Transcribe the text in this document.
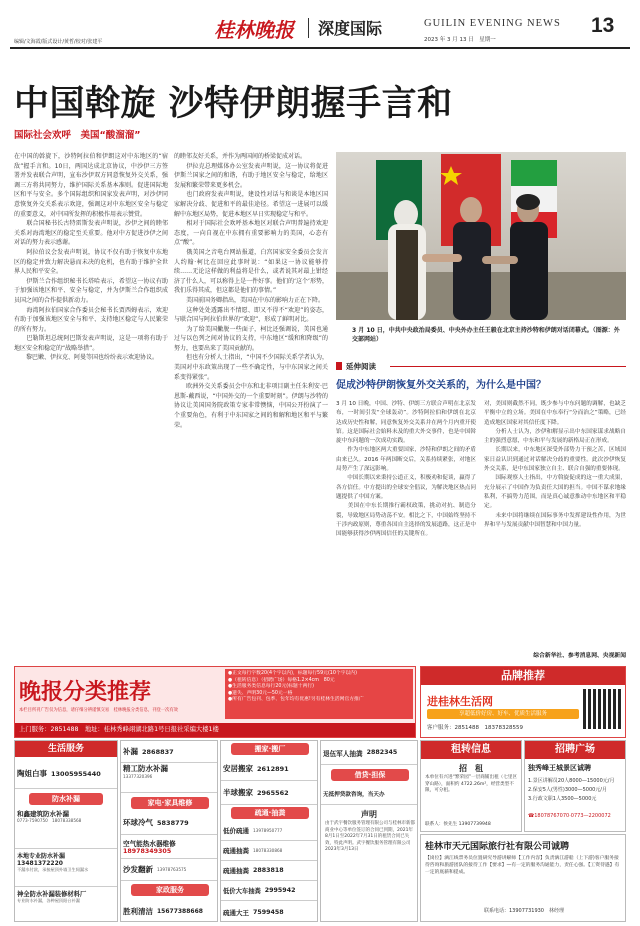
编辑/文海霞/版式设计/黄哲/校对/张建平	桂林晚报	深度国际	GUILIN EVENING NEWS
2023 年 3 月 13 日　星期一
13
中国斡旋 沙特伊朗握手言和
国际社会欢呼　美国“酸溜溜”
在中国的斡旋下，沙特阿拉伯和伊朗这对中东地区的“宿敌”握手言和。10日，两国达成北京协议，中沙伊三方签署并发表联合声明，宣布沙伊双方同意恢复外交关系，强调三方将共同努力，维护国际关系基本准则。促进国际地区和平与安全。多个国际组织和国家发表声明，对沙伊同意恢复外交关系表示欢迎，强调这对中东地区安全与稳定的重要意义，对中国所发挥的积极作用表示赞赏。
　　联合国秘书长古特雷斯发表声明说，沙伊之间的睦邻关系对海湾地区的稳定至关重要。他对中方促进沙伊之间对话的努力表示感谢。
　　阿拉伯议会发表声明说，协议不仅有助于恢复中东地区的稳定并致力解决悬而未决的危机，也有助于维护全世界人民和平安全。
　　伊斯兰合作组织秘书长塔哈表示，希望这一协议有助于加强该地区和平、安全与稳定，并为伊斯兰合作组织成员国之间的合作提供新动力。
　　海湾阿拉伯国家合作委员会秘书长贾西姆表示，欢迎有助于加强该地区安全与和平、支持地区稳定与人民繁荣的所有努力。
　　巴勒斯坦总统阿巴斯发表声明说，这是一项将有助于地区安全和稳定的“战略举措”。
　　黎巴嫩、伊拉克、阿曼等国也纷纷表示欢迎协议。
的睦邻友好关系，并作为两国间的桥梁促成对话。
　　伊拉克总理媒体办公室发表声明说，这一协议将促进伊斯兰国家之间的和谐，有助于地区安全与稳定，给地区发展和繁荣带来更多机会。
　　也门政府发表声明说，建设性对话与和谈是本地区国家解决分歧、促进和平的最佳途径。希望这一进展可以缓解中东地区局势，促进本地区早日实现稳定与和平。
　　相对于国际社会欢呼基本地区对联合声明普遍持欢迎态度，一向自视在中东拥有重要影响力的美国，心态有点“酸”。
　　俄美国之音电台网站报道，白宫国家安全委员会发言人约翰·柯比在回应此事时说：“如果这一协议能够持续……无论这样做的利益将是什么，或者说其对最上钳经济了什么人，可以称得上是一件好事。他们的‘这个’形势，我们乐得其成，但这都是他们的事情。”
　　美国前国务卿指出，美国在中东的影响力正在下降。
　　这种处处透露出不情愿、即又不得不“欢迎”的姿态，与联合国与阿拉伯世界的“欢迎”，形成了鲜明对比。
　　为了给美国撇脱一些面子，柯比还强调说，美国也通过与以色列之间对协议的支持，中东地区“缓和和降级”的努力，也要出来了美国贡献的。
　　但也有分析人士指出，“中国不少国际关系学者认为，美国对中东政策出现了一些不确定性，与中东国家之间关系变得紧张”。
　　欧洲外交关系委员会中东和北非项目副主任朱利安·巴恩斯-戴西说，“中国外交的一个重要时刻”。伊朗与沙特的协议让美国国务院政策专家非常懊恼，中国公开扮演了一个重要角色，有利于中东国家之间的和解和地区和平与繁荣。
3 月 10 日，中共中央政治局委员、中央外办主任王毅在北京主持沙特和伊朗对话闭幕式。（图源：外交部网站）
延伸阅读
促成沙特伊朗恢复外交关系的，为什么是中国？
3 月 10 日晚，中国、沙特、伊朗三方联合声明在北京发布，一时间引发“全球轰动”。沙特阿拉伯和伊朗在北京达成历史性和解，同意恢复外交关系并在两个月内重开使馆。这是国际社会始料未及的重大外交事件，也是中国斡旋中东问题的一次成功实践。
　　作为中东地区两大重要国家，沙特和伊朗之间的矛盾由来已久。2016 年两国断交后，关系持续紧张，对地区局势产生了深远影响。
　　中国长期以来秉持公道正义，积极劝和促谈，赢得了各方信任。中方提出的全球安全倡议，为解决地区热点问题提供了中国方案。
　　美国在中东长期推行霸权政策，挑动对抗、制造分裂，导致地区局势动荡不安。相比之下，中国始终坚持不干涉内政原则，尊重各国自主选择的发展道路，这正是中国能够获得沙伊两国信任的关键所在。
对，美国则截然不同，既少参与中东问题的调解，也缺乏平衡中立的立场。美国在中东奉行“分而治之”策略，已经造成地区国家对其信任度下降。
　　分析人士认为，沙伊和解显示出中东国家谋求战略自主的强烈意愿，中东和平与发展的新格局正在形成。
　　长期以来，中东地区深受外部势力干预之苦，区域国家日益认识到通过对话解决分歧的重要性。此次沙伊恢复外交关系，是中东国家独立自主、联合自强的重要体现。
　　国际观察人士指出，中方斡旋促成的这一重大成果，充分展示了中国作为负责任大国的担当。中国不谋求地缘私利，不搞势力范围，而是真心诚意推动中东地区和平稳定。
　　未来中国将继续在国际事务中发挥建设性作用，为世界和平与发展贡献中国智慧和中国力量。
综合新华社、参考消息网、央视新闻
晚报分类推荐
●正文每行字数20(4个字以内)，标题每行59元(10个字以内)
●（租转信息）（招聘广场）每格1.2×4cm　80元
●生活服务类信息每行20元(标题十两行)
●遗失、声明30元—50元一格
●所有广告包刊、包季、包年均有优惠!另有桂林生活网官方推广
本栏目所刊广告仅为信息，请仔细分辨谨慎交易　桂林晚报分类信息，刊登一次有效
上门服务：2851488　地址：桂林秀峰翊湖北路1号日报社采编大楼1楼
品牌推荐
进桂林生活网
享超低价好房、好车、优质生活服务
客户服务：2851488　18378328559
生活服务
陶姐白事 13005955440
防水补漏
和鑫建筑防水补漏
0773-7590750　18078338568
本地专业防水补漏
13481372220
不漏水付款，承接屋顶外墙卫生间漏水
神全防水补漏装修材料厂
专业防水补漏，各种屋顶阳台补漏
补漏 2868837
精工防水补漏
13377320396
家电·家具维修
环球冷气 5838779
空气能热水器维修
18978349305
沙发翻新 13978763575
家政服务
胜利清洁 15677388668
搬家·搬厂
安居搬家 2612891
半球搬家 2965562
疏通·抽粪
低价疏通 13978950777
疏通抽粪 18078330868
疏通抽粪 2883818
低价大车抽粪 2995942
疏通大王 7599458
退伍军人抽粪 2882345
借贷·担保
无抵押贷款咨询，当天办
声明
由于武宇餐饮服务管理有限公司与桂林市新都商业中心等单位签订的合同已到期，2021年8月1日至2022年7月31日的租赁合同已失效，特此声明。武宇餐饮服务管理有限公司　2023年3月13日
租转信息
招　租
本单位有兴进“繁荣园”一层商铺出租（七里区穿山路），面积约 4722.26m²，经营类型不限，可分租。
联系人：侯先生 13907739948
招聘广场
独秀峰王城景区诚聘
1.景区讲解员20人8000—15000元/月
2.保安5人(男性)3000—5000元/月
3.行政文职1人3500—5000元
☎18078767070·0773—2200072
桂林市天元国际旅行社有限公司诚聘
【岗位】漓江线票务员位置研究导游讲解师【工作内容】负责漓江游船（上下游)客户服务接待咨询和旅游团队的接待工作【要求】—有一定的服务沟通能力，责任心强。【工资待遇】有一定的底薪和提成。
联系电话：13907731930　林经理
